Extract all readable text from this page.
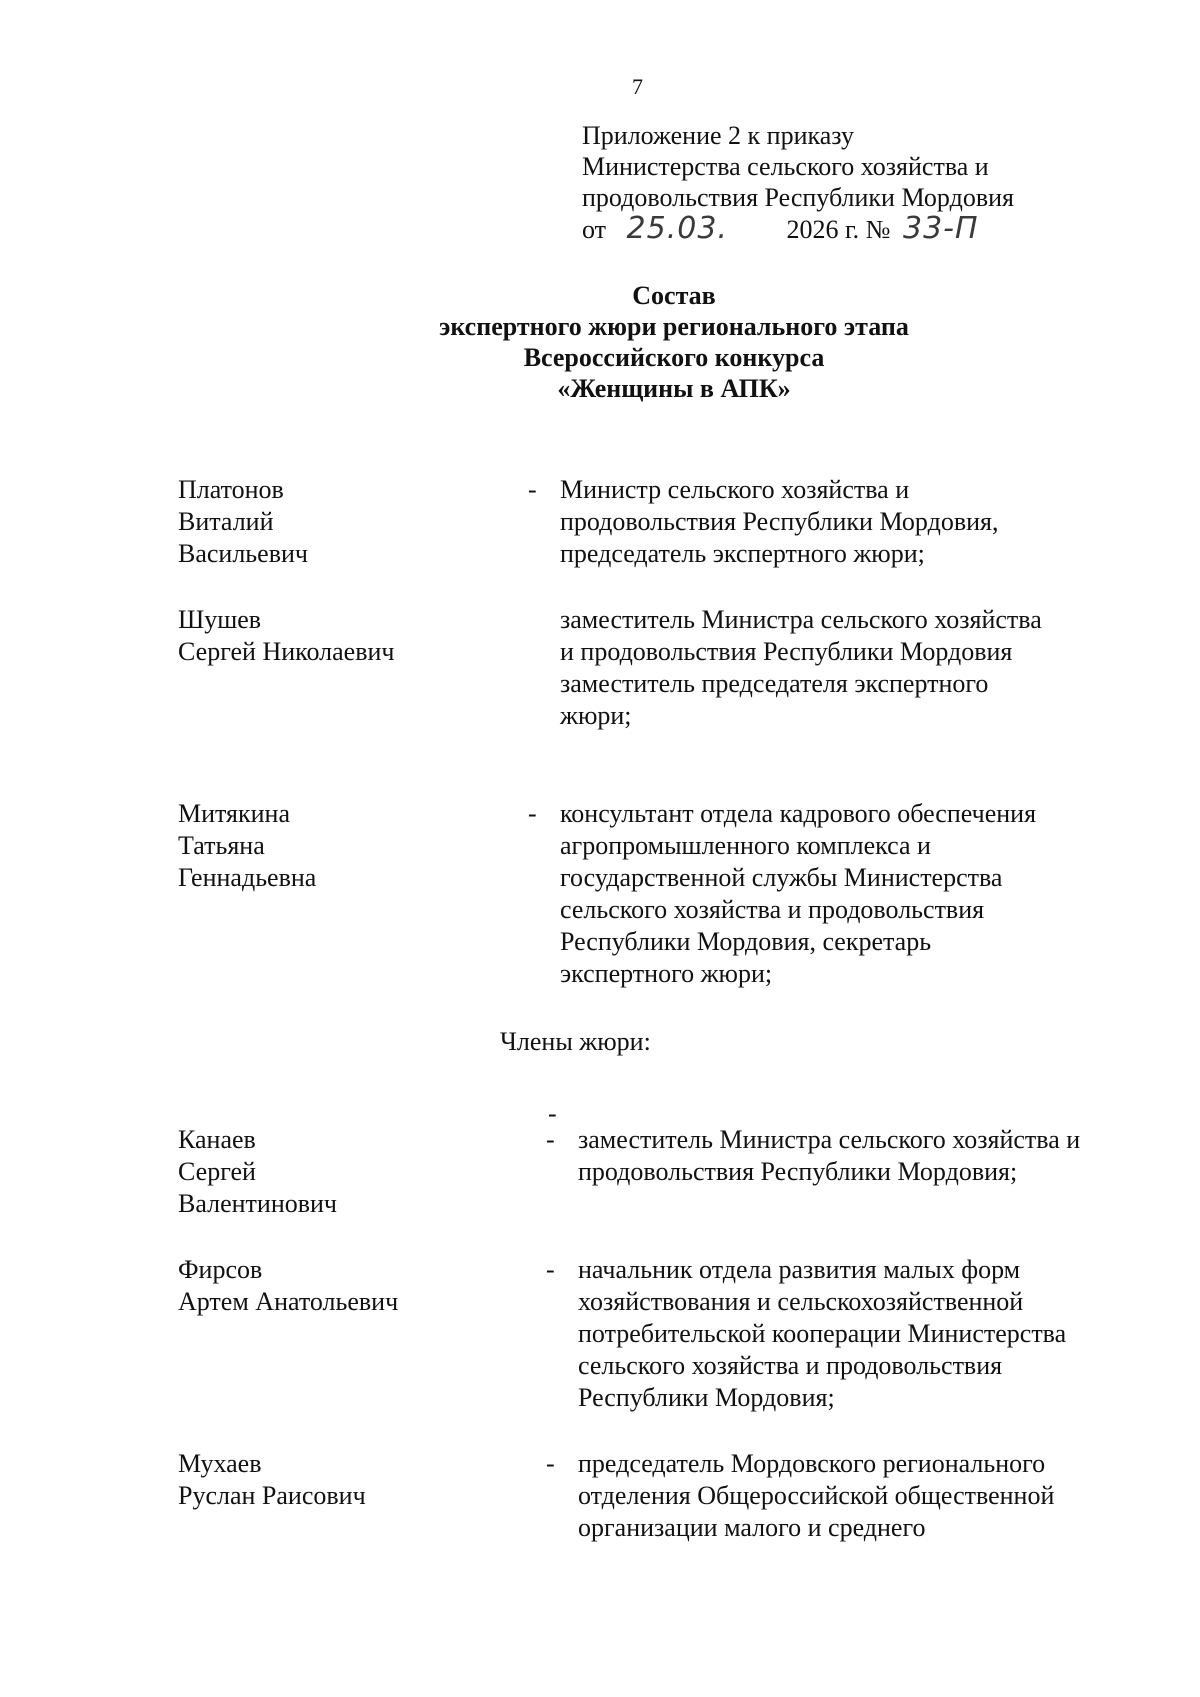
7
Приложение 2 к приказу
Министерства сельского хозяйства и
продовольствия Республики Мордовия
от 25.03. 2026 г. № 33-П
Состав
экспертного жюри регионального этапа
Всероссийского конкурса
«Женщины в АПК»
Платонов
Виталий
Васильевич
- Министр сельского хозяйства и
продовольствия Республики Мордовия,
председатель экспертного жюри;
Шушев
Сергей Николаевич
заместитель Министра сельского хозяйства
и продовольствия Республики Мордовия
заместитель председателя экспертного
жюри;
Митякина
Татьяна
Геннадьевна
- консультант отдела кадрового обеспечения
агропромышленного комплекса и
государственной службы Министерства
сельского хозяйства и продовольствия
Республики Мордовия, секретарь
экспертного жюри;
Канаев
Сергей
Валентинович
- заместитель Министра сельского хозяйства и
продовольствия Республики Мордовия;
Фирсов
Артем Анатольевич
- начальник отдела развития малых форм
хозяйствования и сельскохозяйственной
потребительской кооперации Министерства
сельского хозяйства и продовольствия
Республики Мордовия;
Мухаев
Руслан Раисович
- председатель Мордовского регионального
отделения Общероссийской общественной
организации малого и среднего
Члены жюри:
-
